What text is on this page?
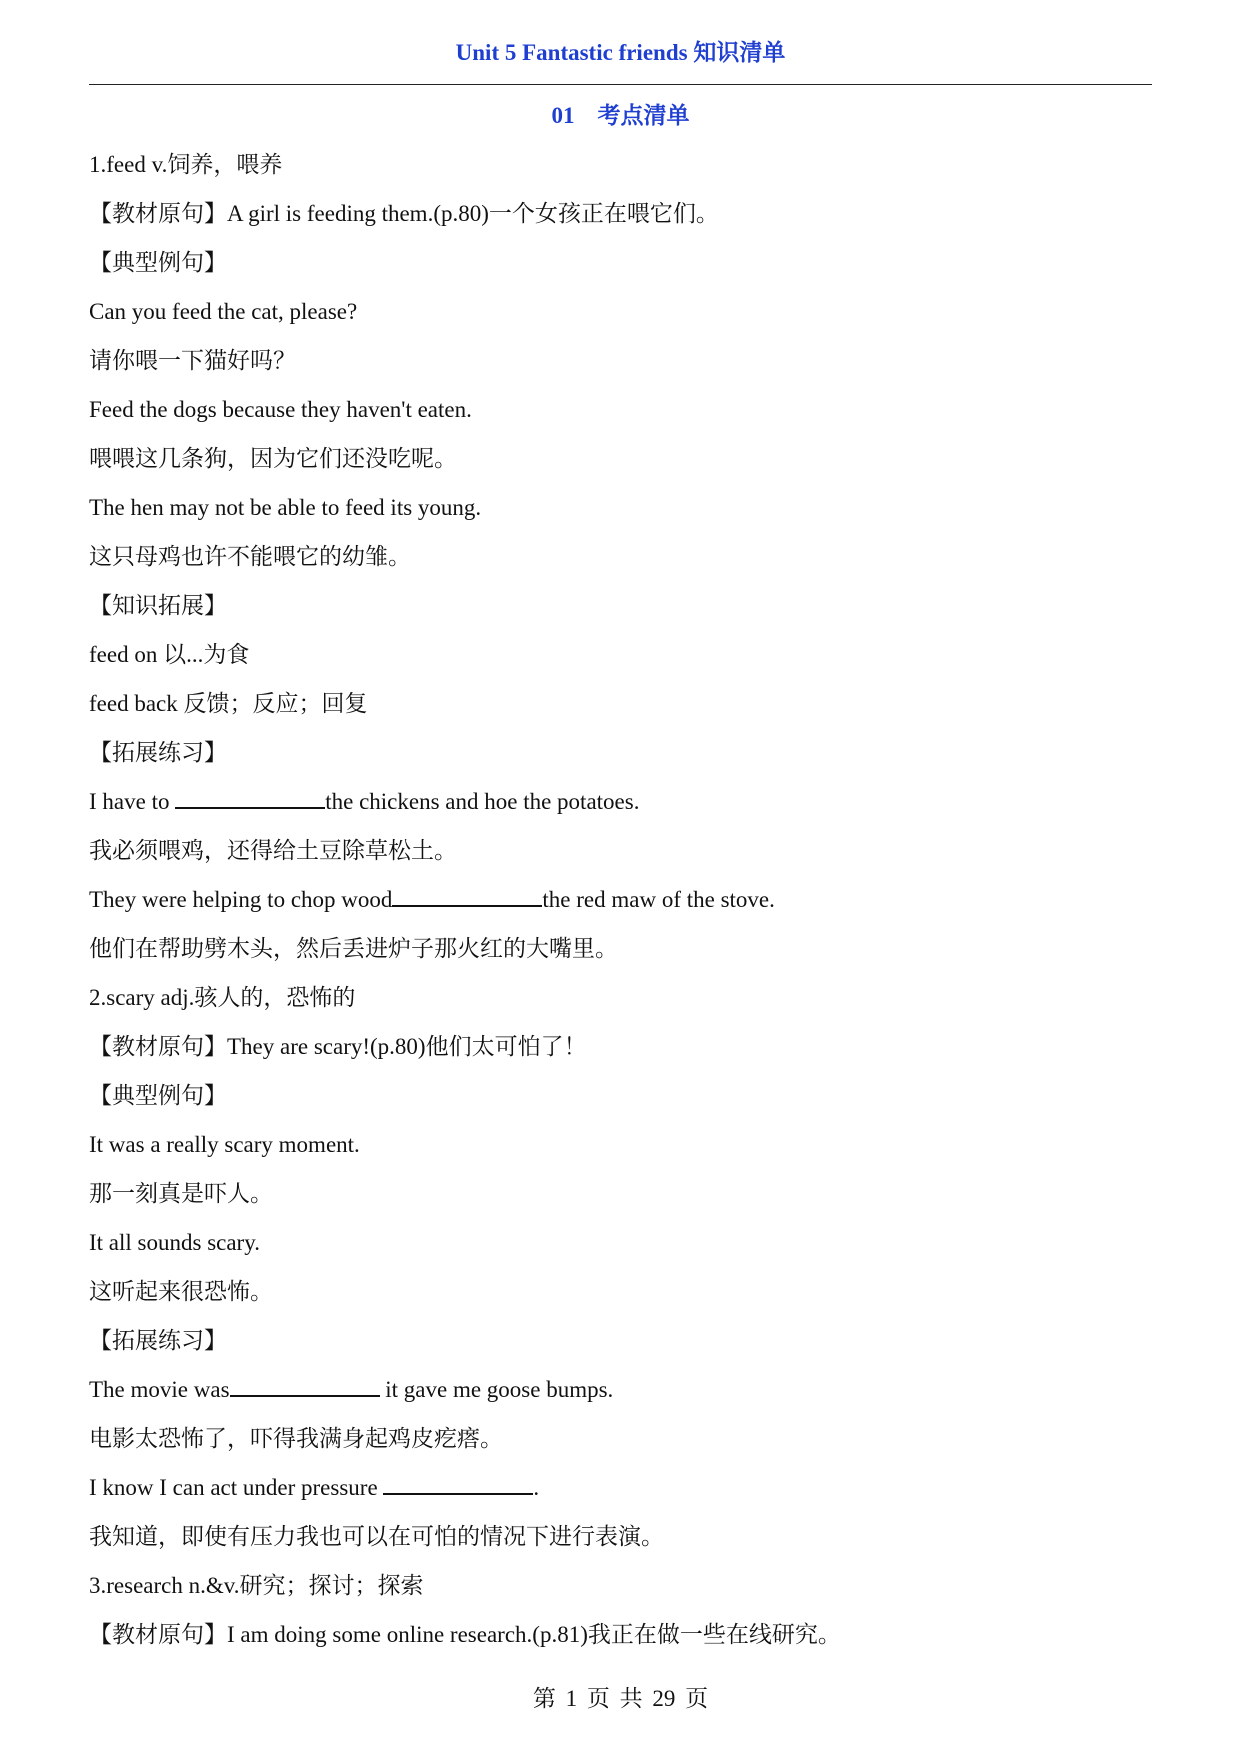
Unit 5 Fantastic friends 知识清单
01　考点清单
1.feed v.饲养，喂养
【教材原句】A girl is feeding them.(p.80)一个女孩正在喂它们。
【典型例句】
Can you feed the cat, please?
请你喂一下猫好吗？
Feed the dogs because they haven't eaten.
喂喂这几条狗，因为它们还没吃呢。
The hen may not be able to feed its young.
这只母鸡也许不能喂它的幼雏。
【知识拓展】
feed on 以...为食
feed back 反馈；反应；回复
【拓展练习】
I have to	the chickens and hoe the potatoes.
我必须喂鸡，还得给土豆除草松土。
They were helping to chop wood	the red maw of the stove.
他们在帮助劈木头，然后丢进炉子那火红的大嘴里。
2.scary adj.骇人的，恐怖的
【教材原句】They are scary!(p.80)他们太可怕了！
【典型例句】
It was a really scary moment.
那一刻真是吓人。
It all sounds scary.
这听起来很恐怖。
【拓展练习】
The movie was	it gave me goose bumps.
电影太恐怖了，吓得我满身起鸡皮疙瘩。
I know I can act under pressure	.
我知道，即使有压力我也可以在可怕的情况下进行表演。
3.research n.&v.研究；探讨；探索
【教材原句】I am doing some online research.(p.81)我正在做一些在线研究。
第 1 页 共 29 页
